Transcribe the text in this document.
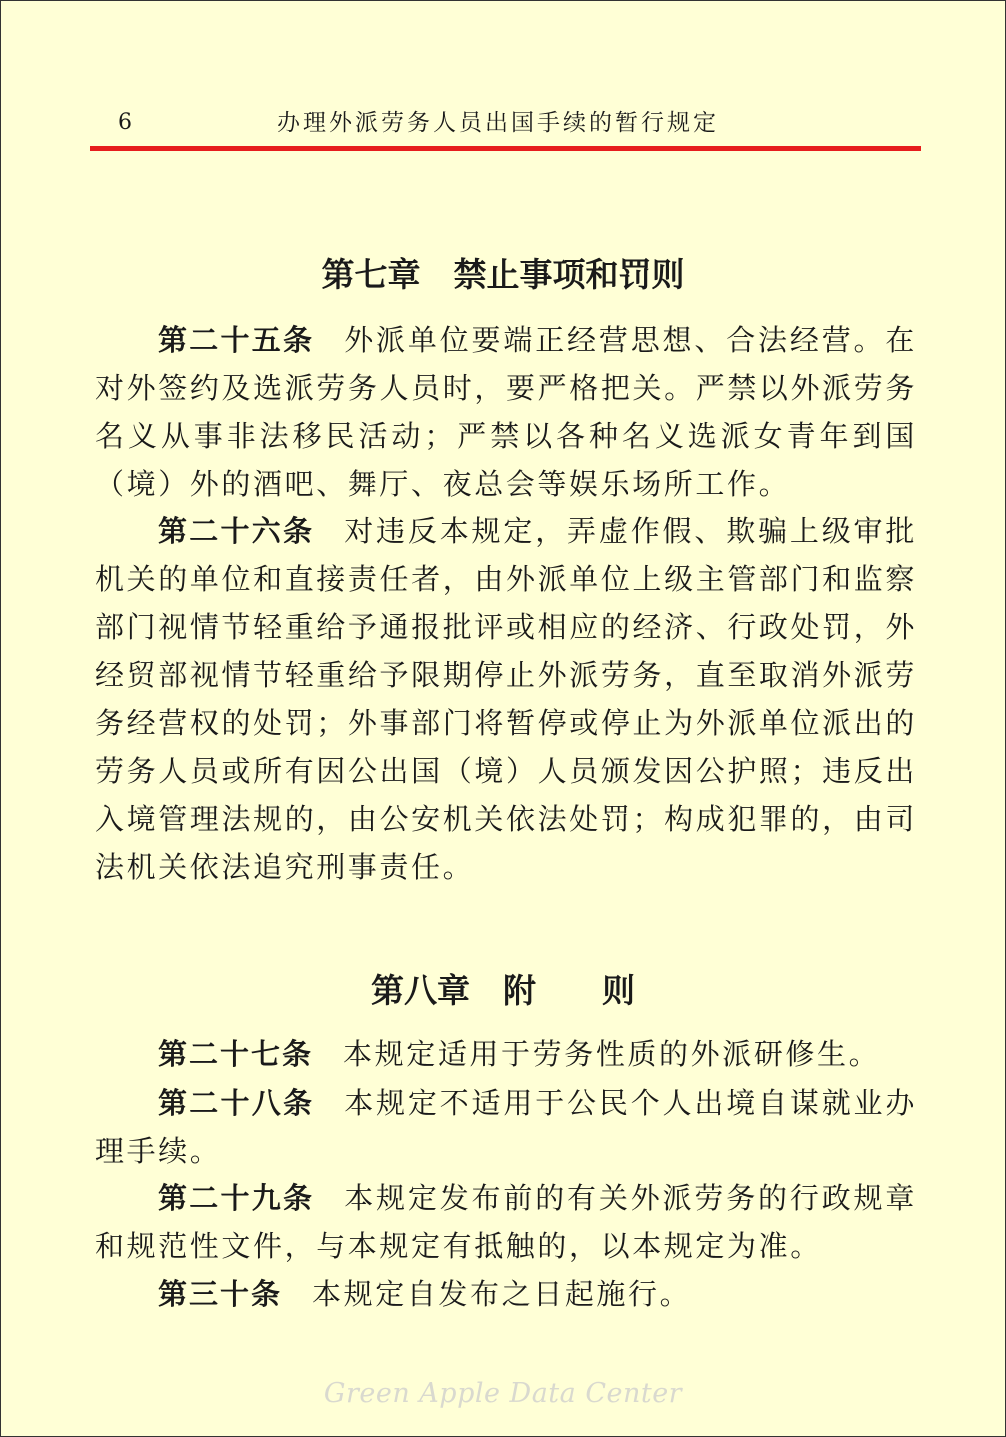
6	办理外派劳务人员出国手续的暂行规定
第七章　禁止事项和罚则

第二十五条 外派单位要端正经营思想、合法经营。在对外签约及选派劳务人员时，要严格把关。严禁以外派劳务名义从事非法移民活动；严禁以各种名义选派女青年到国（境）外的酒吧、舞厅、夜总会等娱乐场所工作。

第二十六条 对违反本规定，弄虚作假、欺骗上级审批机关的单位和直接责任者，由外派单位上级主管部门和监察部门视情节轻重给予通报批评或相应的经济、行政处罚，外经贸部视情节轻重给予限期停止外派劳务，直至取消外派劳务经营权的处罚；外事部门将暂停或停止为外派单位派出的劳务人员或所有因公出国（境）人员颁发因公护照；违反出入境管理法规的，由公安机关依法处罚；构成犯罪的，由司法机关依法追究刑事责任。

第八章　附　　则

第二十七条 本规定适用于劳务性质的外派研修生。

第二十八条 本规定不适用于公民个人出境自谋就业办理手续。

第二十九条 本规定发布前的有关外派劳务的行政规章和规范性文件，与本规定有抵触的，以本规定为准。

第三十条 本规定自发布之日起施行。

Green Apple Data Center
